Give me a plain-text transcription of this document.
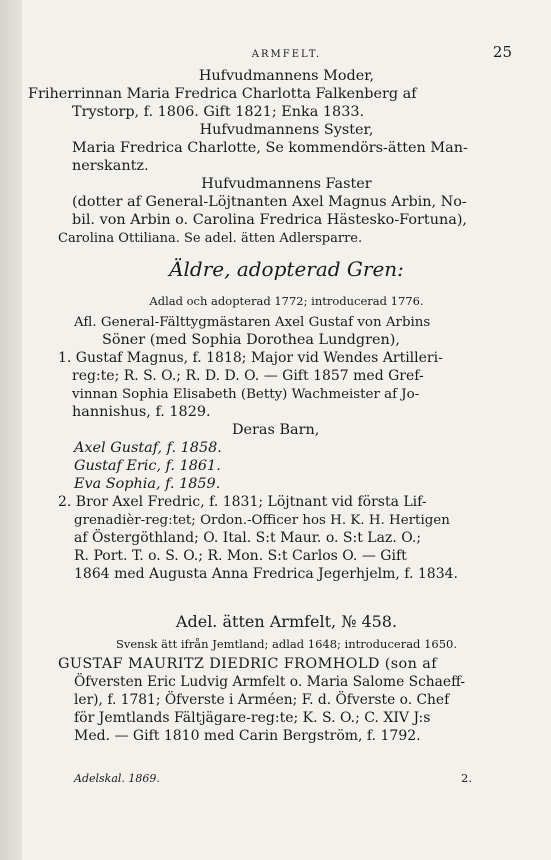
ARMFELT.	25
Hufvudmannens Moder,
Friherrinnan Maria Fredrica Charlotta Falkenberg af
Trystorp, f. 1806. Gift 1821; Enka 1833.
Hufvudmannens Syster,
Maria Fredrica Charlotte, Se kommendörs-ätten Man-
nerskantz.
Hufvudmannens Faster
(dotter af General-Löjtnanten Axel Magnus Arbin, No-
bil. von Arbin o. Carolina Fredrica Hästesko-Fortuna),
Carolina Ottiliana. Se adel. ätten Adlersparre.
Äldre, adopterad Gren:
Adlad och adopterad 1772; introducerad 1776.
Afl. General-Fälttygmästaren Axel Gustaf von Arbins
Söner (med Sophia Dorothea Lundgren),
1. Gustaf Magnus, f. 1818; Major vid Wendes Artilleri-
reg:te; R. S. O.; R. D. D. O. — Gift 1857 med Gref-
vinnan Sophia Elisabeth (Betty) Wachmeister af Jo-
hannishus, f. 1829.
Deras Barn,
Axel Gustaf, f. 1858.
Gustaf Eric, f. 1861.
Eva Sophia, f. 1859.
2. Bror Axel Fredric, f. 1831; Löjtnant vid första Lif-
grenadièr-reg:tet; Ordon.-Officer hos H. K. H. Hertigen
af Östergöthland; O. Ital. S:t Maur. o. S:t Laz. O.;
R. Port. T. o. S. O.; R. Mon. S:t Carlos O. — Gift
1864 med Augusta Anna Fredrica Jegerhjelm, f. 1834.
Adel. ätten Armfelt, № 458.
Svensk ätt ifrån Jemtland; adlad 1648; introducerad 1650.
GUSTAF MAURITZ DIEDRIC FROMHOLD (son af
Öfversten Eric Ludvig Armfelt o. Maria Salome Schaeff-
ler), f. 1781; Öfverste i Arméen; F. d. Öfverste o. Chef
för Jemtlands Fältjägare-reg:te; K. S. O.; C. XIV J:s
Med. — Gift 1810 med Carin Bergström, f. 1792.
Adelskal. 1869.	2.
